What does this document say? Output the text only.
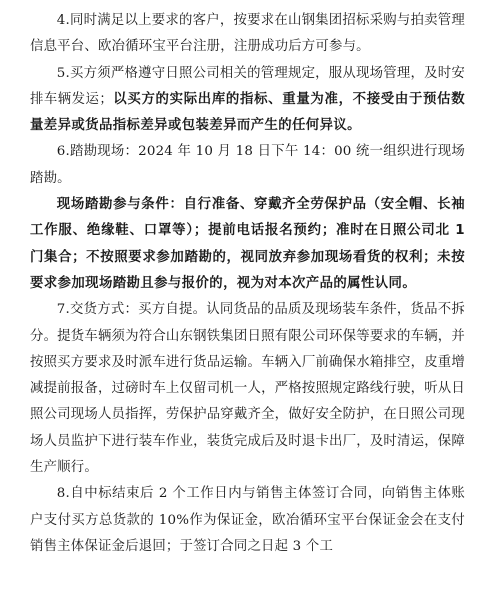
4.同时满足以上要求的客户，按要求在山钢集团招标采购与拍卖管理信息平台、欧冶循环宝平台注册，注册成功后方可参与。

5.买方须严格遵守日照公司相关的管理规定，服从现场管理，及时安排车辆发运；以买方的实际出库的指标、重量为准，不接受由于预估数量差异或货品指标差异或包装差异而产生的任何异议。

6.踏勘现场：2024 年 10 月 18 日下午 14：00 统一组织进行现场踏勘。

现场踏勘参与条件：自行准备、穿戴齐全劳保护品（安全帽、长袖工作服、绝缘鞋、口罩等）；提前电话报名预约；准时在日照公司北 1 门集合；不按照要求参加踏勘的，视同放弃参加现场看货的权利；未按要求参加现场踏勘且参与报价的，视为对本次产品的属性认同。

7.交货方式：买方自提。认同货品的品质及现场装车条件，货品不拆分。提货车辆须为符合山东钢铁集团日照有限公司环保等要求的车辆，并按照买方要求及时派车进行货品运输。车辆入厂前确保水箱排空，皮重增减提前报备，过磅时车上仅留司机一人，严格按照规定路线行驶，听从日照公司现场人员指挥，劳保护品穿戴齐全，做好安全防护，在日照公司现场人员监护下进行装车作业，装货完成后及时退卡出厂，及时清运，保障生产顺行。

8.自中标结束后 2 个工作日内与销售主体签订合同，向销售主体账户支付买方总货款的 10%作为保证金，欧冶循环宝平台保证金会在支付销售主体保证金后退回；于签订合同之日起 3 个工
